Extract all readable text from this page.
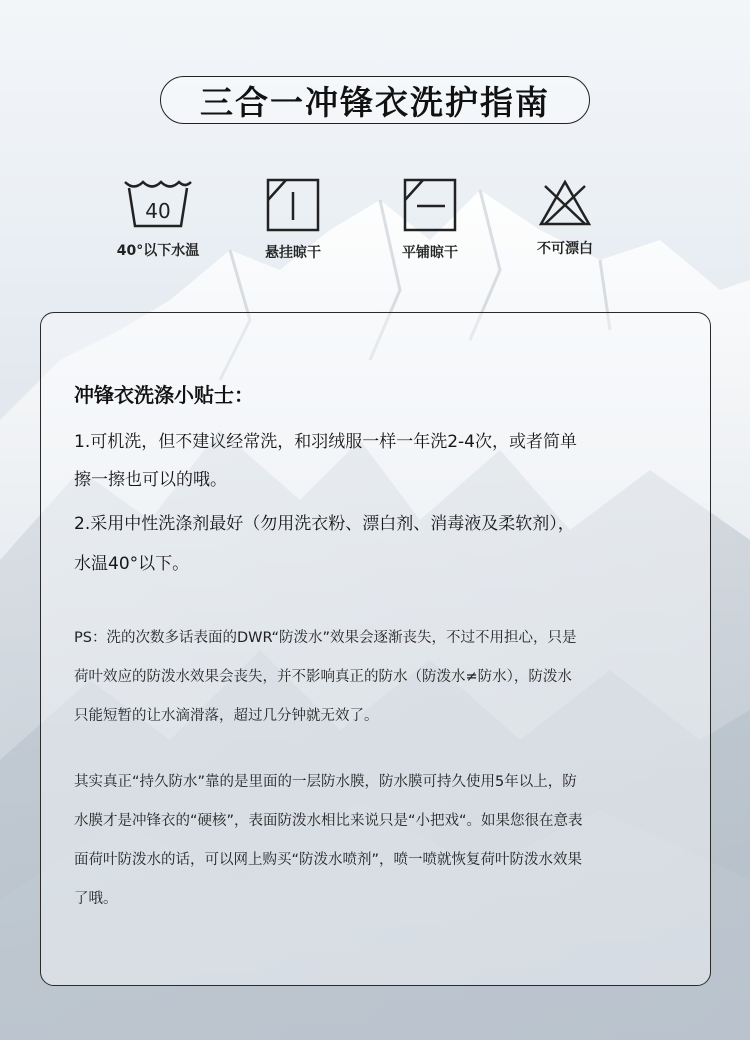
三合一冲锋衣洗护指南
40
40°以下水温	悬挂晾干	平铺晾干	不可漂白
冲锋衣洗涤小贴士：
1.可机洗，但不建议经常洗，和羽绒服一样一年洗2-4次，或者简单
擦一擦也可以的哦。
2.采用中性洗涤剂最好（勿用洗衣粉、漂白剂、消毒液及柔软剂），
水温40°以下。
PS：洗的次数多话表面的DWR“防泼水”效果会逐渐丧失，不过不用担心，只是
荷叶效应的防泼水效果会丧失，并不影响真正的防水（防泼水≠防水），防泼水
只能短暂的让水滴滑落，超过几分钟就无效了。
其实真正“持久防水”靠的是里面的一层防水膜，防水膜可持久使用5年以上，防
水膜才是冲锋衣的“硬核”，表面防泼水相比来说只是“小把戏“。如果您很在意表
面荷叶防泼水的话，可以网上购买“防泼水喷剂”，喷一喷就恢复荷叶防泼水效果
了哦。
